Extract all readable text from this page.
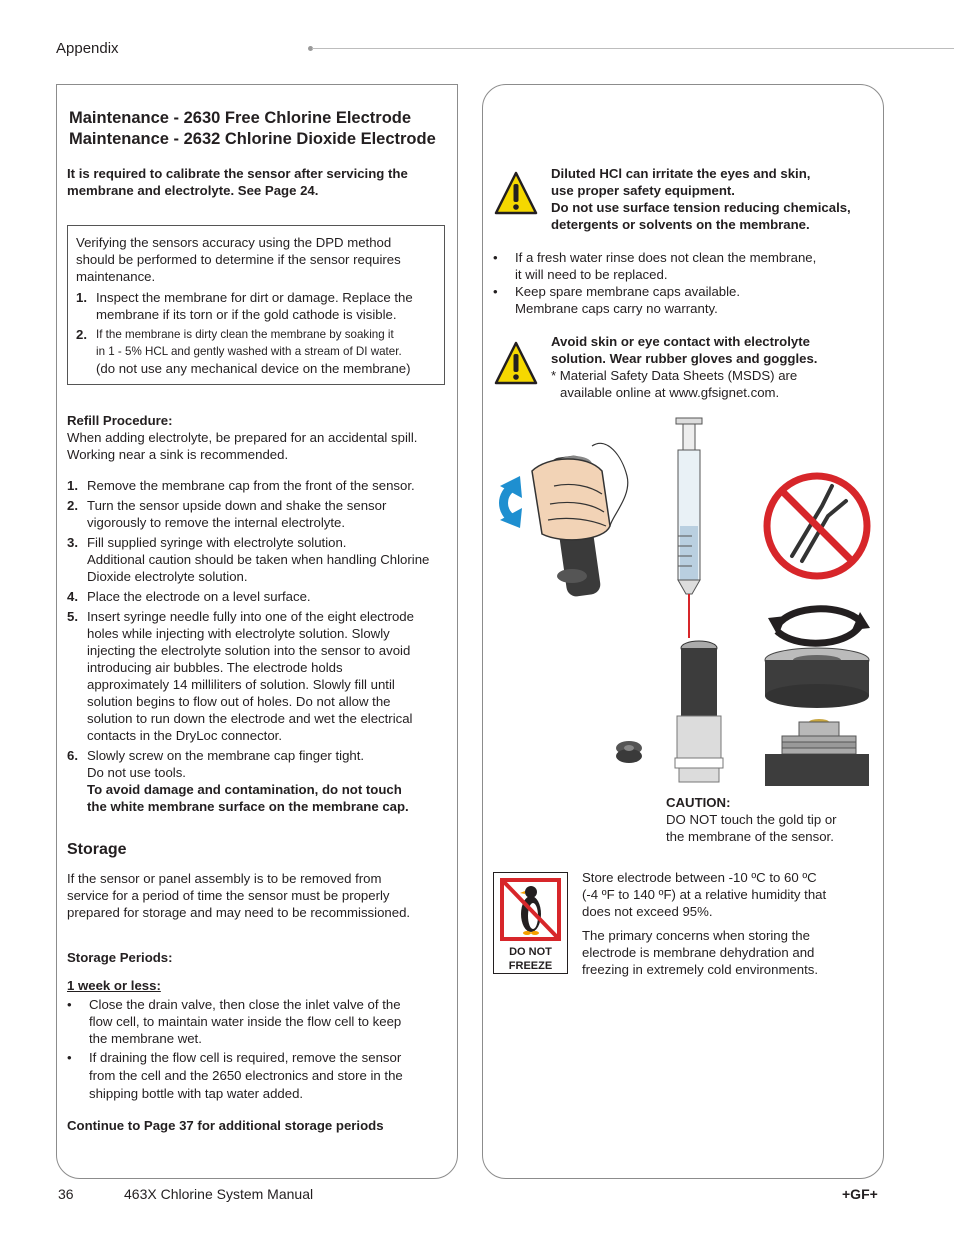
Appendix
Maintenance - 2630 Free Chlorine Electrode
Maintenance - 2632 Chlorine Dioxide Electrode
It is required to calibrate the sensor after servicing the
membrane and electrolyte. See Page 24.
Verifying the sensors accuracy using the DPD method
should be performed to determine if the sensor requires
maintenance.
1. Inspect the membrane for dirt or damage. Replace the
membrane if its torn or if the gold cathode is visible.
2. If the membrane is dirty clean the membrane by soaking it
in 1 - 5% HCL and gently washed with a stream of DI water.
(do not use any mechanical device on the membrane)
Refill Procedure:
When adding electrolyte, be prepared for an accidental spill.
Working near a sink is recommended.
1. Remove the membrane cap from the front of the sensor.
2. Turn the sensor upside down and shake the sensor
vigorously to remove the internal electrolyte.
3. Fill supplied syringe with electrolyte solution.
Additional caution should be taken when handling Chlorine
Dioxide electrolyte solution.
4. Place the electrode on a level surface.
5. Insert syringe needle fully into one of the eight electrode
holes while injecting with electrolyte solution. Slowly
injecting the electrolyte solution into the sensor to avoid
introducing air bubbles. The electrode holds
approximately 14 milliliters of solution. Slowly fill until
solution begins to flow out of holes. Do not allow the
solution to run down the electrode and wet the electrical
contacts in the DryLoc connector.
6. Slowly screw on the membrane cap finger tight.
Do not use tools.
To avoid damage and contamination, do not touch
the white membrane surface on the membrane cap.
Storage
If the sensor or panel assembly is to be removed from
service for a period of time the sensor must be properly
prepared for storage and may need to be recommissioned.
Storage Periods:
1 week or less:
•	Close the drain valve, then close the inlet valve of the
flow cell, to maintain water inside the flow cell to keep
the membrane wet.
•	If draining the flow cell is required, remove the sensor
from the cell and the 2650 electronics and store in the
shipping bottle with tap water added.
Continue to Page 37 for additional storage periods
Diluted HCl can irritate the eyes and skin,
use proper safety equipment.
Do not use surface tension reducing chemicals,
detergents or solvents on the membrane.
•	If a fresh water rinse does not clean the membrane,
it will need to be replaced.
•	Keep spare membrane caps available.
Membrane caps carry no warranty.
Avoid skin or eye contact with electrolyte
solution. Wear rubber gloves and goggles.
* Material Safety Data Sheets (MSDS) are
available online at www.gfsignet.com.
CAUTION:
DO NOT touch the gold tip or
the membrane of the sensor.
DO NOT
FREEZE
Store electrode between -10 ºC to 60 ºC
(-4 ºF to 140 ºF) at a relative humidity that
does not exceed 95%.
The primary concerns when storing the
electrode is membrane dehydration and
freezing in extremely cold environments.
36	463X Chlorine System Manual	+GF+
